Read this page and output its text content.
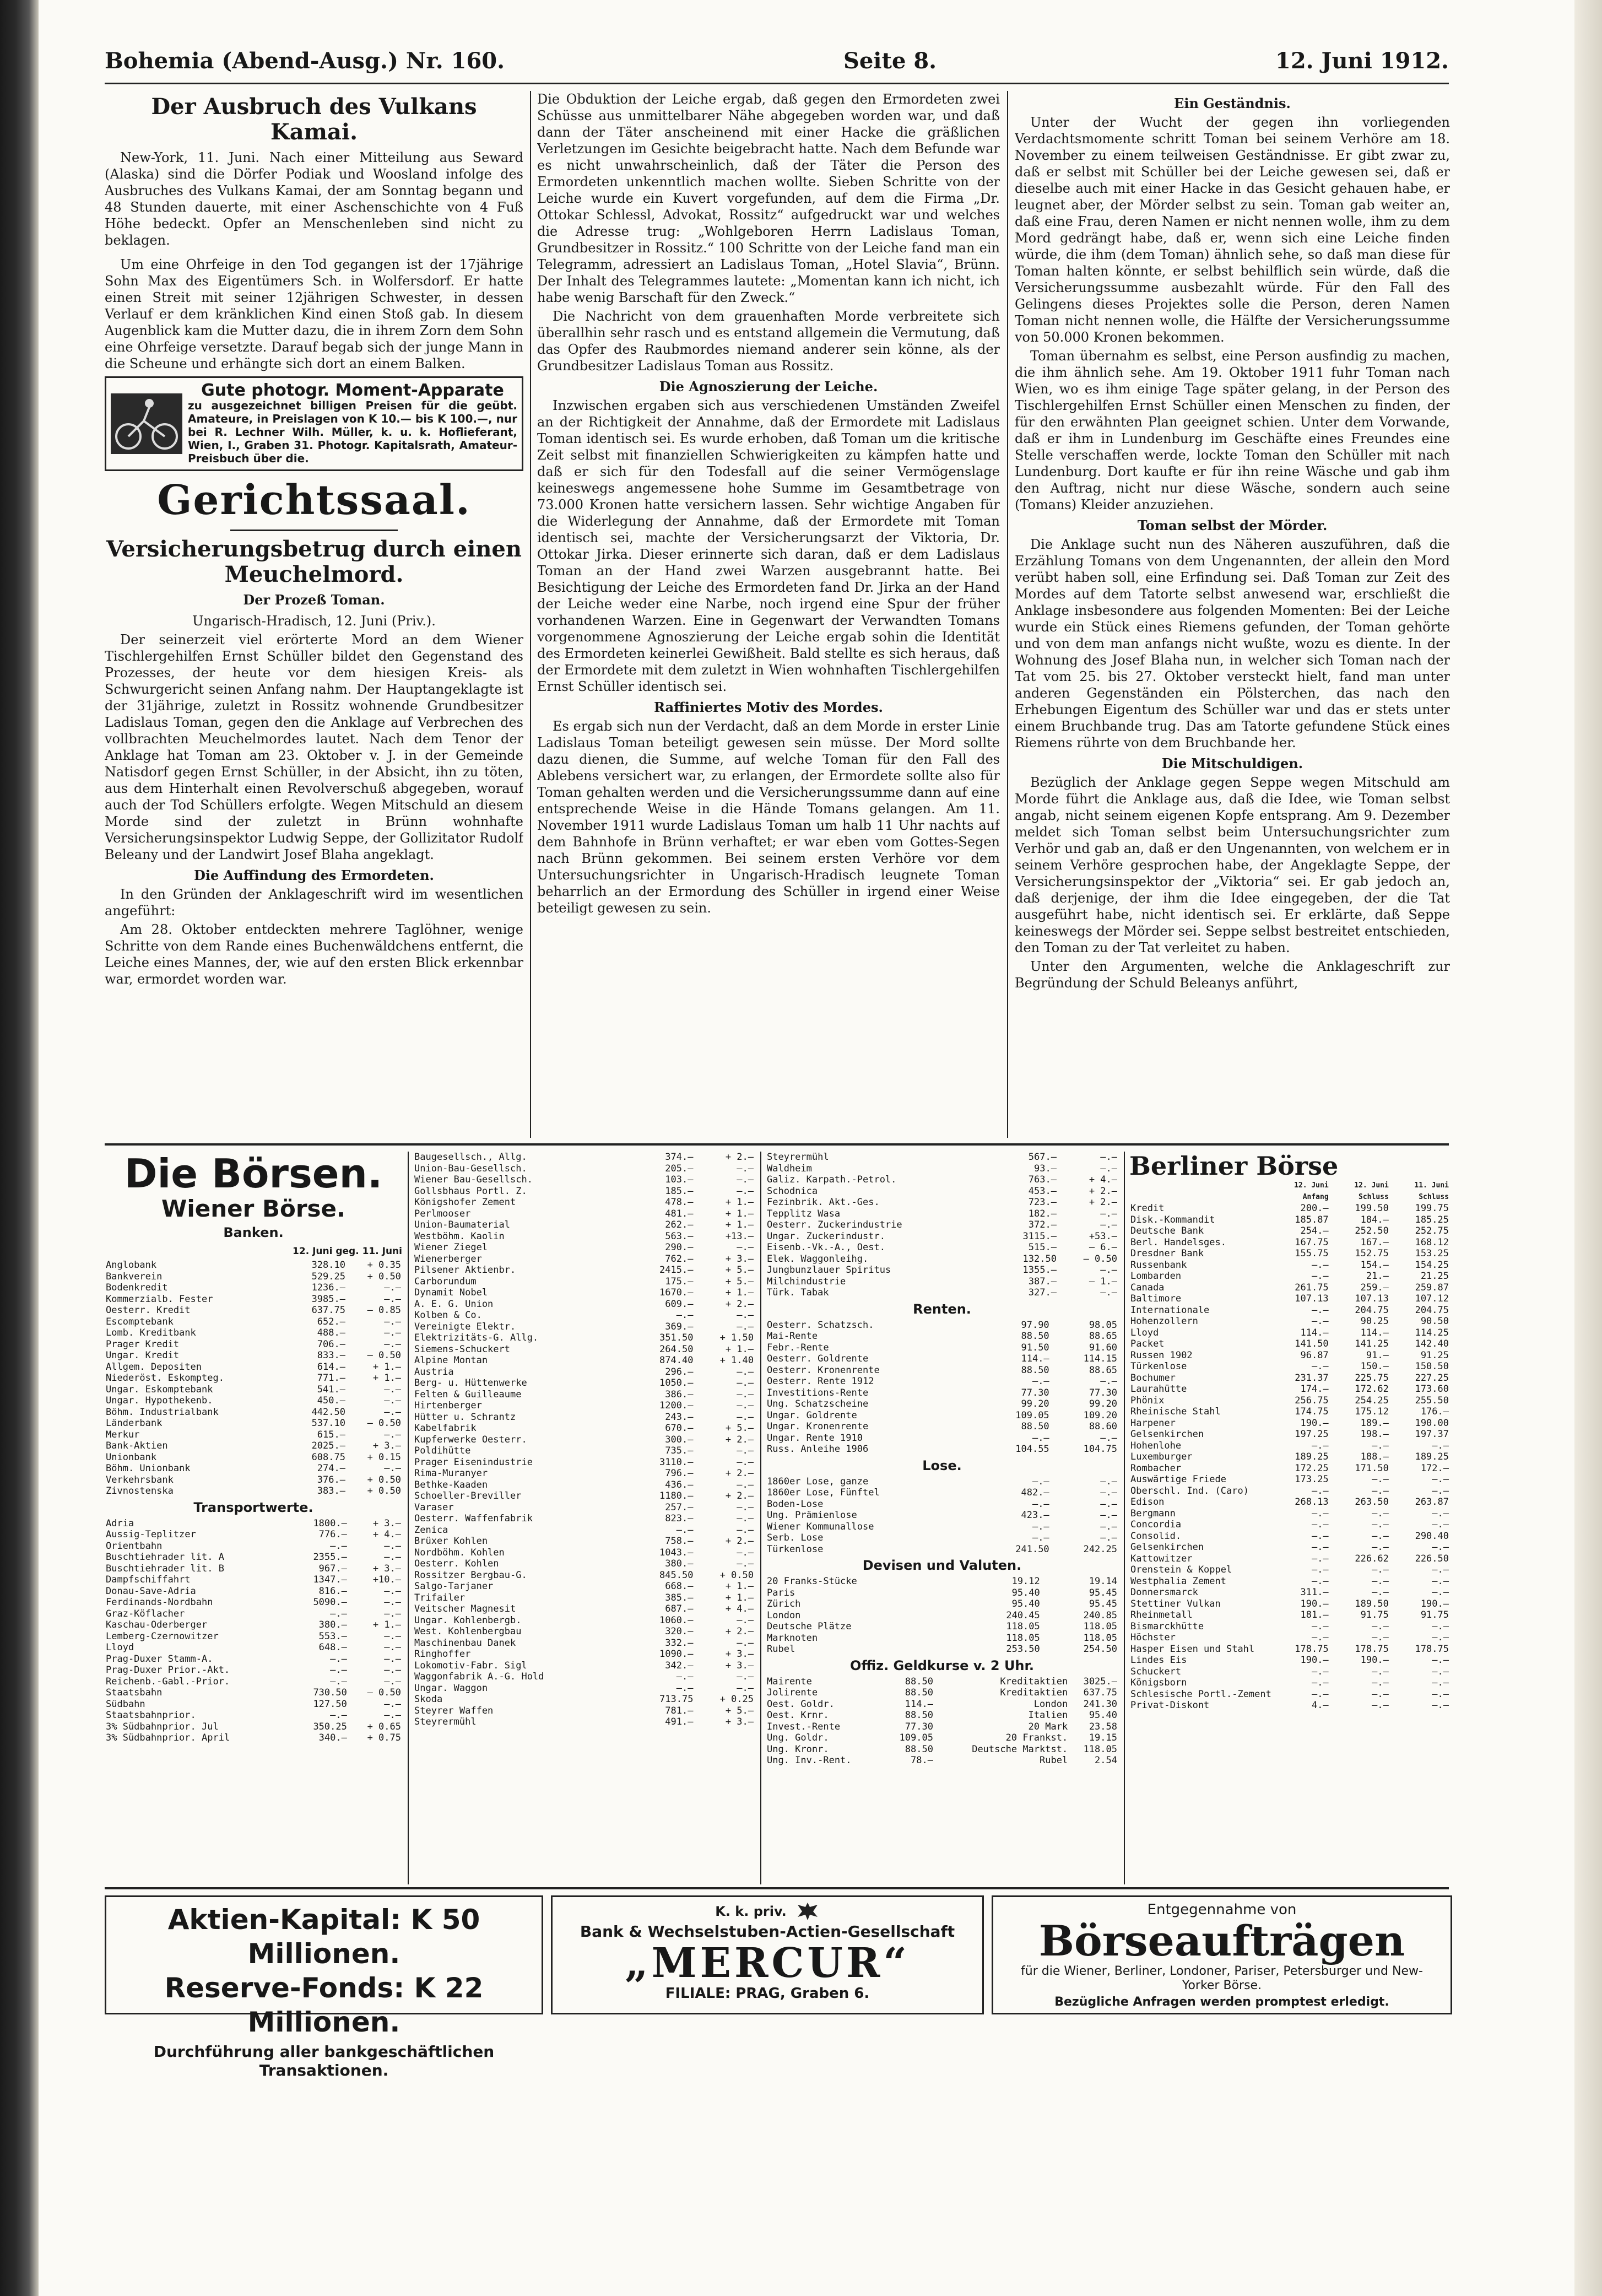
Bohemia (Abend-Ausg.) Nr. 160.	Seite 8.	12. Juni 1912.
Der Ausbruch des Vulkans Kamai.

New-York, 11. Juni. Nach einer Mitteilung aus Seward (Alaska) sind die Dörfer Podiak und Woosland infolge des Ausbruches des Vulkans Kamai, der am Sonntag begann und 48 Stunden dauerte, mit einer Aschenschichte von 4 Fuß Höhe bedeckt. Opfer an Menschenleben sind nicht zu beklagen.

Um eine Ohrfeige in den Tod gegangen ist der 17jährige Sohn Max des Eigentümers Sch. in Wolfersdorf. Er hatte einen Streit mit seiner 12jährigen Schwester, in dessen Verlauf er dem kränklichen Kind einen Stoß gab. In diesem Augenblick kam die Mutter dazu, die in ihrem Zorn dem Sohn eine Ohrfeige versetzte. Darauf begab sich der junge Mann in die Scheune und erhängte sich dort an einem Balken.

Gute photogr. Moment-Apparate
zu ausgezeichnet billigen Preisen für die geübt. Amateure, in Preislagen von K 10.— bis K 100.—, nur bei R. Lechner Wilh. Müller, k. u. k. Hoflieferant, Wien, I., Graben 31. Photogr. Kapitalsrath, Amateur-Preisbuch über die.
Gerichtssaal.
Versicherungsbetrug durch einen Meuchelmord.
Der Prozeß Toman.
Ungarisch-Hradisch, 12. Juni (Priv.).

Der seinerzeit viel erörterte Mord an dem Wiener Tischlergehilfen Ernst Schüller bildet den Gegenstand des Prozesses, der heute vor dem hiesigen Kreis- als Schwurgericht seinen Anfang nahm. Der Hauptangeklagte ist der 31jährige, zuletzt in Rossitz wohnende Grundbesitzer Ladislaus Toman, gegen den die Anklage auf Verbrechen des vollbrachten Meuchelmordes lautet. Nach dem Tenor der Anklage hat Toman am 23. Oktober v. J. in der Gemeinde Natisdorf gegen Ernst Schüller, in der Absicht, ihn zu töten, aus dem Hinterhalt einen Revolverschuß abgegeben, worauf auch der Tod Schüllers erfolgte. Wegen Mitschuld an diesem Morde sind der zuletzt in Brünn wohnhafte Versicherungsinspektor Ludwig Seppe, der Gollizitator Rudolf Beleany und der Landwirt Josef Blaha angeklagt.

Die Auffindung des Ermordeten.

In den Gründen der Anklageschrift wird im wesentlichen angeführt:

Am 28. Oktober entdeckten mehrere Taglöhner, wenige Schritte von dem Rande eines Buchenwäldchens entfernt, die Leiche eines Mannes, der, wie auf den ersten Blick erkennbar war, ermordet worden war.

Die Obduktion der Leiche ergab, daß gegen den Ermordeten zwei Schüsse aus unmittelbarer Nähe abgegeben worden war, und daß dann der Täter anscheinend mit einer Hacke die gräßlichen Verletzungen im Gesichte beigebracht hatte. Nach dem Befunde war es nicht unwahrscheinlich, daß der Täter die Person des Ermordeten unkenntlich machen wollte. Sieben Schritte von der Leiche wurde ein Kuvert vorgefunden, auf dem die Firma „Dr. Ottokar Schlessl, Advokat, Rossitz“ aufgedruckt war und welches die Adresse trug: „Wohlgeboren Herrn Ladislaus Toman, Grundbesitzer in Rossitz.“ 100 Schritte von der Leiche fand man ein Telegramm, adressiert an Ladislaus Toman, „Hotel Slavia“, Brünn. Der Inhalt des Telegrammes lautete: „Momentan kann ich nicht, ich habe wenig Barschaft für den Zweck.“

Die Nachricht von dem grauenhaften Morde verbreitete sich überallhin sehr rasch und es entstand allgemein die Vermutung, daß das Opfer des Raubmordes niemand anderer sein könne, als der Grundbesitzer Ladislaus Toman aus Rossitz.

Die Agnoszierung der Leiche.

Inzwischen ergaben sich aus verschiedenen Umständen Zweifel an der Richtigkeit der Annahme, daß der Ermordete mit Ladislaus Toman identisch sei. Es wurde erhoben, daß Toman um die kritische Zeit selbst mit finanziellen Schwierigkeiten zu kämpfen hatte und daß er sich für den Todesfall auf die seiner Vermögenslage keineswegs angemessene hohe Summe im Gesamtbetrage von 73.000 Kronen hatte versichern lassen. Sehr wichtige Angaben für die Widerlegung der Annahme, daß der Ermordete mit Toman identisch sei, machte der Versicherungsarzt der Viktoria, Dr. Ottokar Jirka. Dieser erinnerte sich daran, daß er dem Ladislaus Toman an der Hand zwei Warzen ausgebrannt hatte. Bei Besichtigung der Leiche des Ermordeten fand Dr. Jirka an der Hand der Leiche weder eine Narbe, noch irgend eine Spur der früher vorhandenen Warzen. Eine in Gegenwart der Verwandten Tomans vorgenommene Agnoszierung der Leiche ergab sohin die Identität des Ermordeten keinerlei Gewißheit. Bald stellte es sich heraus, daß der Ermordete mit dem zuletzt in Wien wohnhaften Tischlergehilfen Ernst Schüller identisch sei.

Raffiniertes Motiv des Mordes.

Es ergab sich nun der Verdacht, daß an dem Morde in erster Linie Ladislaus Toman beteiligt gewesen sein müsse. Der Mord sollte dazu dienen, die Summe, auf welche Toman für den Fall des Ablebens versichert war, zu erlangen, der Ermordete sollte also für Toman gehalten werden und die Versicherungssumme dann auf eine entsprechende Weise in die Hände Tomans gelangen. Am 11. November 1911 wurde Ladislaus Toman um halb 11 Uhr nachts auf dem Bahnhofe in Brünn verhaftet; er war eben vom Gottes-Segen nach Brünn gekommen. Bei seinem ersten Verhöre vor dem Untersuchungsrichter in Ungarisch-Hradisch leugnete Toman beharrlich an der Ermordung des Schüller in irgend einer Weise beteiligt gewesen zu sein.

Ein Geständnis.

Unter der Wucht der gegen ihn vorliegenden Verdachtsmomente schritt Toman bei seinem Verhöre am 18. November zu einem teilweisen Geständnisse. Er gibt zwar zu, daß er selbst mit Schüller bei der Leiche gewesen sei, daß er dieselbe auch mit einer Hacke in das Gesicht gehauen habe, er leugnet aber, der Mörder selbst zu sein. Toman gab weiter an, daß eine Frau, deren Namen er nicht nennen wolle, ihm zu dem Mord gedrängt habe, daß er, wenn sich eine Leiche finden würde, die ihm (dem Toman) ähnlich sehe, so daß man diese für Toman halten könnte, er selbst behilflich sein würde, daß die Versicherungssumme ausbezahlt würde. Für den Fall des Gelingens dieses Projektes solle die Person, deren Namen Toman nicht nennen wolle, die Hälfte der Versicherungssumme von 50.000 Kronen bekommen.

Toman übernahm es selbst, eine Person ausfindig zu machen, die ihm ähnlich sehe. Am 19. Oktober 1911 fuhr Toman nach Wien, wo es ihm einige Tage später gelang, in der Person des Tischlergehilfen Ernst Schüller einen Menschen zu finden, der für den erwähnten Plan geeignet schien. Unter dem Vorwande, daß er ihm in Lundenburg im Geschäfte eines Freundes eine Stelle verschaffen werde, lockte Toman den Schüller mit nach Lundenburg. Dort kaufte er für ihn reine Wäsche und gab ihm den Auftrag, nicht nur diese Wäsche, sondern auch seine (Tomans) Kleider anzuziehen.

Toman selbst der Mörder.

Die Anklage sucht nun des Näheren auszuführen, daß die Erzählung Tomans von dem Ungenannten, der allein den Mord verübt haben soll, eine Erfindung sei. Daß Toman zur Zeit des Mordes auf dem Tatorte selbst anwesend war, erschließt die Anklage insbesondere aus folgenden Momenten: Bei der Leiche wurde ein Stück eines Riemens gefunden, der Toman gehörte und von dem man anfangs nicht wußte, wozu es diente. In der Wohnung des Josef Blaha nun, in welcher sich Toman nach der Tat vom 25. bis 27. Oktober versteckt hielt, fand man unter anderen Gegenständen ein Pölsterchen, das nach den Erhebungen Eigentum des Schüller war und das er stets unter einem Bruchbande trug. Das am Tatorte gefundene Stück eines Riemens rührte von dem Bruchbande her.

Die Mitschuldigen.

Bezüglich der Anklage gegen Seppe wegen Mitschuld am Morde führt die Anklage aus, daß die Idee, wie Toman selbst angab, nicht seinem eigenen Kopfe entsprang. Am 9. Dezember meldet sich Toman selbst beim Untersuchungsrichter zum Verhör und gab an, daß er den Ungenannten, von welchem er in seinem Verhöre gesprochen habe, der Angeklagte Seppe, der Versicherungsinspektor der „Viktoria“ sei. Er gab jedoch an, daß derjenige, der ihm die Idee eingegeben, der die Tat ausgeführt habe, nicht identisch sei. Er erklärte, daß Seppe keineswegs der Mörder sei. Seppe selbst bestreitet entschieden, den Toman zu der Tat verleitet zu haben.

Unter den Argumenten, welche die Anklageschrift zur Begründung der Schuld Beleanys anführt,

Die Börsen.
Wiener Börse.
Banken.
12. Juni geg. 11. Juni
Anglobank	328.10	+ 0.35
Bankverein	529.25	+ 0.50
Bodenkredit	1236.—	—.—
Kommerzialb. Fester	3985.—	—.—
Oesterr. Kredit	637.75	— 0.85
Escomptebank	652.—	—.—
Lomb. Kreditbank	488.—	—.—
Prager Kredit	706.—	—.—
Ungar. Kredit	833.—	— 0.50
Allgem. Depositen	614.—	+ 1.—
Niederöst. Eskompteg.	771.—	+ 1.—
Ungar. Eskomptebank	541.—	—.—
Ungar. Hypothekenb.	450.—	—.—
Böhm. Industrialbank	442.50	—.—
Länderbank	537.10	— 0.50
Merkur	615.—	—.—
Bank-Aktien	2025.—	+ 3.—
Unionbank	608.75	+ 0.15
Böhm. Unionbank	274.—	—.—
Verkehrsbank	376.—	+ 0.50
Zivnostenska	383.—	+ 0.50
Transportwerte.
Adria	1800.—	+ 3.—
Aussig-Teplitzer	776.—	+ 4.—
Orientbahn	—.—	—.—
Buschtiehrader lit. A	2355.—	—.—
Buschtiehrader lit. B	967.—	+ 3.—
Dampfschiffahrt	1347.—	+10.—
Donau-Save-Adria	816.—	—.—
Ferdinands-Nordbahn	5090.—	—.—
Graz-Köflacher	—.—	—.—
Kaschau-Oderberger	380.—	+ 1.—
Lemberg-Czernowitzer	553.—	—.—
Lloyd	648.—	—.—
Prag-Duxer Stamm-A.	—.—	—.—
Prag-Duxer Prior.-Akt.	—.—	—.—
Reichenb.-Gabl.-Prior.	—.—	—.—
Staatsbahn	730.50	— 0.50
Südbahn	127.50	—.—
Staatsbahnprior.	—.—	—.—
3% Südbahnprior. Jul	350.25	+ 0.65
3% Südbahnprior. April	340.—	+ 0.75
Baugesellsch., Allg.	374.—	+ 2.—
Union-Bau-Gesellsch.	205.—	—.—
Wiener Bau-Gesellsch.	103.—	—.—
Gollsbhaus Portl. Z.	185.—	—.—
Königshofer Zement	478.—	+ 1.—
Perlmooser	481.—	+ 1.—
Union-Baumaterial	262.—	+ 1.—
Westböhm. Kaolin	563.—	+13.—
Wiener Ziegel	290.—	—.—
Wienerberger	762.—	+ 3.—
Pilsener Aktienbr.	2415.—	+ 5.—
Carborundum	175.—	+ 5.—
Dynamit Nobel	1670.—	+ 1.—
A. E. G. Union	609.—	+ 2.—
Kolben & Co.	—.—	—.—
Vereinigte Elektr.	369.—	—.—
Elektrizitäts-G. Allg.	351.50	+ 1.50
Siemens-Schuckert	264.50	+ 1.—
Alpine Montan	874.40	+ 1.40
Austria	296.—	—.—
Berg- u. Hüttenwerke	1050.—	—.—
Felten & Guilleaume	386.—	—.—
Hirtenberger	1200.—	—.—
Hütter u. Schrantz	243.—	—.—
Kabelfabrik	670.—	+ 5.—
Kupferwerke Oesterr.	300.—	+ 2.—
Poldihütte	735.—	—.—
Prager Eisenindustrie	3110.—	—.—
Rima-Muranyer	796.—	+ 2.—
Bethke-Kaaden	436.—	—.—
Schoeller-Breviller	1180.—	+ 2.—
Varaser	257.—	—.—
Oesterr. Waffenfabrik	823.—	—.—
Zenica	—.—	—.—
Brüxer Kohlen	758.—	+ 2.—
Nordböhm. Kohlen	1043.—	—.—
Oesterr. Kohlen	380.—	—.—
Rossitzer Bergbau-G.	845.50	+ 0.50
Salgo-Tarjaner	668.—	+ 1.—
Trifailer	385.—	+ 1.—
Veitscher Magnesit	687.—	+ 4.—
Ungar. Kohlenbergb.	1060.—	—.—
West. Kohlenbergbau	320.—	+ 2.—
Maschinenbau Danek	332.—	—.—
Ringhoffer	1090.—	+ 3.—
Lokomotiv-Fabr. Sigl	342.—	+ 3.—
Waggonfabrik A.-G. Hold	—.—	—.—
Ungar. Waggon	—.—	—.—
Skoda	713.75	+ 0.25
Steyrer Waffen	781.—	+ 5.—
Steyrermühl	491.—	+ 3.—
Steyrermühl	567.—	—.—
Waldheim	93.—	—.—
Galiz. Karpath.-Petrol.	763.—	+ 4.—
Schodnica	453.—	+ 2.—
Fezinbrik. Akt.-Ges.	723.—	+ 2.—
Tepplitz Wasa	182.—	—.—
Oesterr. Zuckerindustrie	372.—	—.—
Ungar. Zuckerindustr.	3115.—	+53.—
Eisenb.-Vk.-A., Oest.	515.—	— 6.—
Elek. Waggonleihg.	132.50	— 0.50
Jungbunzlauer Spiritus	1355.—	—.—
Milchindustrie	387.—	— 1.—
Türk. Tabak	327.—	—.—
Renten.
Oesterr. Schatzsch.	97.90	98.05
Mai-Rente	88.50	88.65
Febr.-Rente	91.50	91.60
Oesterr. Goldrente	114.—	114.15
Oesterr. Kronenrente	88.50	88.65
Oesterr. Rente 1912	—.—	—.—
Investitions-Rente	77.30	77.30
Ung. Schatzscheine	99.20	99.20
Ungar. Goldrente	109.05	109.20
Ungar. Kronenrente	88.50	88.60
Ungar. Rente 1910	—.—	—.—
Russ. Anleihe 1906	104.55	104.75
Lose.
1860er Lose, ganze	—.—	—.—
1860er Lose, Fünftel	482.—	—.—
Boden-Lose	—.—	—.—
Ung. Prämienlose	423.—	—.—
Wiener Kommunallose	—.—	—.—
Serb. Lose	—.—	—.—
Türkenlose	241.50	242.25
Devisen und Valuten.
20 Franks-Stücke	19.12	19.14
Paris	95.40	95.45
Zürich	95.40	95.45
London	240.45	240.85
Deutsche Plätze	118.05	118.05
Marknoten	118.05	118.05
Rubel	253.50	254.50
Offiz. Geldkurse v. 2 Uhr.
Mairente	88.50	Kreditaktien	3025.—
Jolirente	88.50	Kreditaktien	637.75
Oest. Goldr.	114.—	London	241.30
Oest. Krnr.	88.50	Italien	95.40
Invest.-Rente	77.30	20 Mark	23.58
Ung. Goldr.	109.05	20 Frankst.	19.15
Ung. Kronr.	88.50	Deutsche Marktst.	118.05
Ung. Inv.-Rent.	78.—	Rubel	2.54
Berliner Börse
	12. Juni Anfang	12. Juni Schluss	11. Juni Schluss
Kredit	200.—	199.50	199.75
Disk.-Kommandit	185.87	184.—	185.25
Deutsche Bank	254.—	252.50	252.75
Berl. Handelsges.	167.75	167.—	168.12
Dresdner Bank	155.75	152.75	153.25
Russenbank	—.—	154.—	154.25
Lombarden	—.—	21.—	21.25
Canada	261.75	259.—	259.87
Baltimore	107.13	107.13	107.12
Internationale	—.—	204.75	204.75
Hohenzollern	—.—	90.25	90.50
Lloyd	114.—	114.—	114.25
Packet	141.50	141.25	142.40
Russen 1902	96.87	91.—	91.25
Türkenlose	—.—	150.—	150.50
Bochumer	231.37	225.75	227.25
Laurahütte	174.—	172.62	173.60
Phönix	256.75	254.25	255.50
Rheinische Stahl	174.75	175.12	176.—
Harpener	190.—	189.—	190.00
Gelsenkirchen	197.25	198.—	197.37
Hohenlohe	—.—	—.—	—.—
Luxemburger	189.25	188.—	189.25
Rombacher	172.25	171.50	172.—
Auswärtige Friede	173.25	—.—	—.—
Oberschl. Ind. (Caro)	—.—	—.—	—.—
Edison	268.13	263.50	263.87
Bergmann	—.—	—.—	—.—
Concordia	—.—	—.—	—.—
Consolid.	—.—	—.—	290.40
Gelsenkirchen	—.—	—.—	—.—
Kattowitzer	—.—	226.62	226.50
Orenstein & Koppel	—.—	—.—	—.—
Westphalia Zement	—.—	—.—	—.—
Donnersmarck	311.—	—.—	—.—
Stettiner Vulkan	190.—	189.50	190.—
Rheinmetall	181.—	91.75	91.75
Bismarckhütte	—.—	—.—	—.—
Höchster	—.—	—.—	—.—
Hasper Eisen und Stahl	178.75	178.75	178.75
Lindes Eis	190.—	190.—	—.—
Schuckert	—.—	—.—	—.—
Königsborn	—.—	—.—	—.—
Schlesische Portl.-Zement	—.—	—.—	—.—
Privat-Diskont	4.—	—.—	—.—
Aktien-Kapital: K 50 Millionen.
Reserve-Fonds: K 22 Millionen.
Durchführung aller bankgeschäftlichen Transaktionen.
K. k. priv.
Bank & Wechselstuben-Actien-Gesellschaft
„MERCUR“
FILIALE: PRAG, Graben 6.
Entgegennahme von
Börseaufträgen
für die Wiener, Berliner, Londoner, Pariser, Petersburger und New-Yorker Börse.
Bezügliche Anfragen werden promptest erledigt.
